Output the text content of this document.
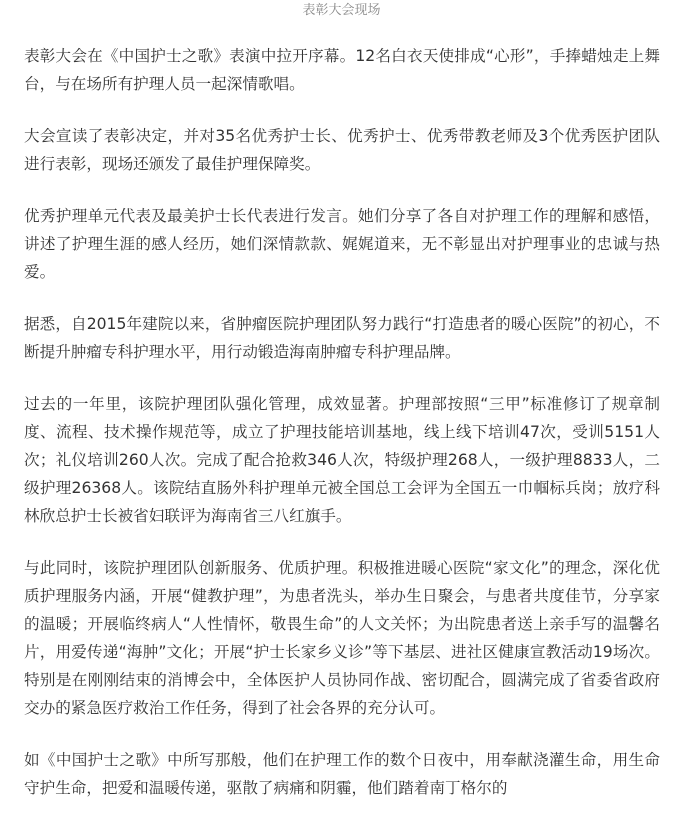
表彰大会现场

表彰大会在《中国护士之歌》表演中拉开序幕。12名白衣天使排成“心形”，手捧蜡烛走上舞台，与在场所有护理人员一起深情歌唱。

大会宣读了表彰决定，并对35名优秀护士长、优秀护士、优秀带教老师及3个优秀医护团队进行表彰，现场还颁发了最佳护理保障奖。

优秀护理单元代表及最美护士长代表进行发言。她们分享了各自对护理工作的理解和感悟，讲述了护理生涯的感人经历，她们深情款款、娓娓道来，无不彰显出对护理事业的忠诚与热爱。

据悉，自2015年建院以来，省肿瘤医院护理团队努力践行“打造患者的暖心医院”的初心，不断提升肿瘤专科护理水平，用行动锻造海南肿瘤专科护理品牌。

过去的一年里，该院护理团队强化管理，成效显著。护理部按照“三甲”标准修订了规章制度、流程、技术操作规范等，成立了护理技能培训基地，线上线下培训47次，受训5151人次；礼仪培训260人次。完成了配合抢救346人次，特级护理268人，一级护理8833人，二级护理26368人。该院结直肠外科护理单元被全国总工会评为全国五一巾帼标兵岗；放疗科林欣总护士长被省妇联评为海南省三八红旗手。

与此同时，该院护理团队创新服务、优质护理。积极推进暖心医院“家文化”的理念，深化优质护理服务内涵，开展“健教护理”，为患者洗头，举办生日聚会，与患者共度佳节，分享家的温暖；开展临终病人“人性情怀，敬畏生命”的人文关怀；为出院患者送上亲手写的温馨名片，用爱传递“海肿”文化；开展“护士长家乡义诊”等下基层、进社区健康宣教活动19场次。特别是在刚刚结束的消博会中，全体医护人员协同作战、密切配合，圆满完成了省委省政府交办的紧急医疗救治工作任务，得到了社会各界的充分认可。

如《中国护士之歌》中所写那般，他们在护理工作的数个日夜中，用奉献浇灌生命，用生命守护生命，把爱和温暖传递，驱散了病痛和阴霾，他们踏着南丁格尔的
